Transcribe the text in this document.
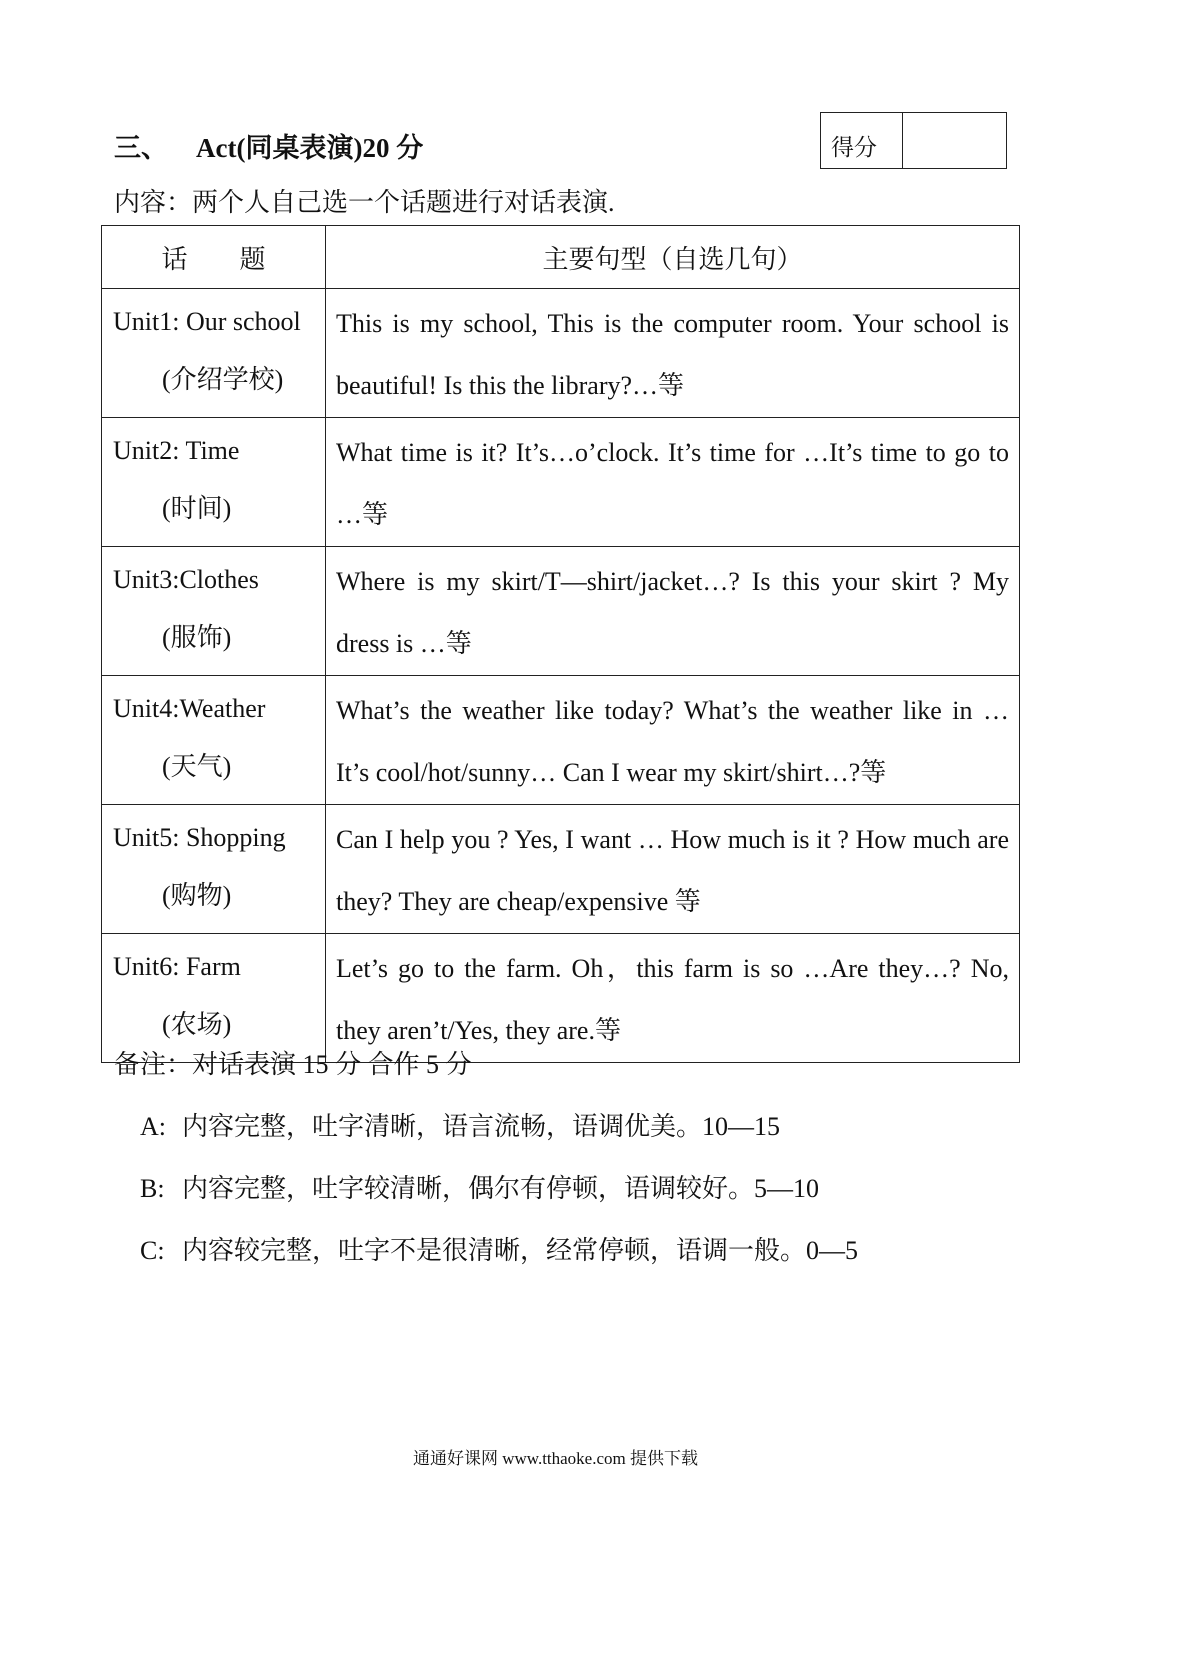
三、 Act(同桌表演)20 分	得分
内容：两个人自己选一个话题进行对话表演.
话　　题	主要句型（自选几句）

Unit1: Our school
(介绍学校)	This is my school, This is the computer room. Your school is beautiful! Is this the library?…等

Unit2: Time
(时间)	What time is it? It’s…o’clock. It’s time for …It’s time to go to …等

Unit3:Clothes
(服饰)	Where is my skirt/T—shirt/jacket…? Is this your skirt ? My dress is …等

Unit4:Weather
(天气)	What’s the weather like today? What’s the weather like in … It’s cool/hot/sunny… Can I wear my skirt/shirt…?等

Unit5: Shopping
(购物)	Can I help you ? Yes, I want … How much is it ? How much are they? They are cheap/expensive 等

Unit6: Farm
(农场)	Let’s go to the farm. Oh，this farm is so …Are they…? No, they aren’t/Yes, they are.等
备注：对话表演 15 分 合作 5 分
A: 内容完整，吐字清晰，语言流畅，语调优美。10—15
B: 内容完整，吐字较清晰，偶尔有停顿，语调较好。5—10
C: 内容较完整，吐字不是很清晰，经常停顿，语调一般。0—5
通通好课网 www.tthaoke.com 提供下载
